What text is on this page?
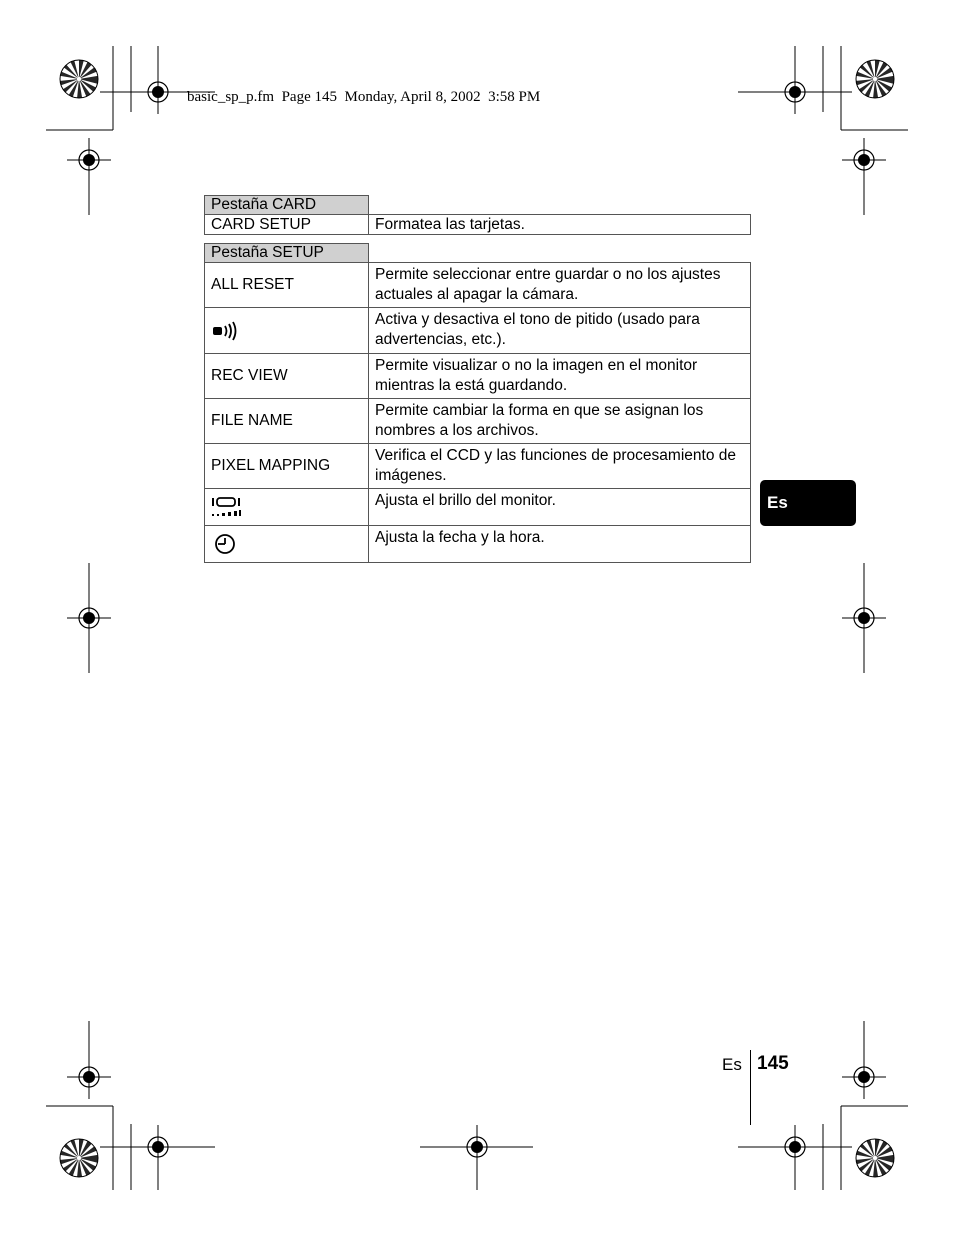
basic_sp_p.fm  Page 145  Monday, April 8, 2002  3:58 PM
Pestaña CARD	
CARD SETUP	Formatea las tarjetas.
Pestaña SETUP	
ALL RESET	Permite seleccionar entre guardar o no los ajustes actuales al apagar la cámara.

	Activa y desactiva el tono de pitido (usado para advertencias, etc.).
REC VIEW	Permite visualizar o no la imagen en el monitor mientras la está guardando.
FILE NAME	Permite cambiar la forma en que se asignan los nombres a los archivos.
PIXEL MAPPING	Verifica el CCD y las funciones de procesamiento de imágenes.

	Ajusta el brillo del monitor.

	Ajusta la fecha y la hora.
Es
Es 145
